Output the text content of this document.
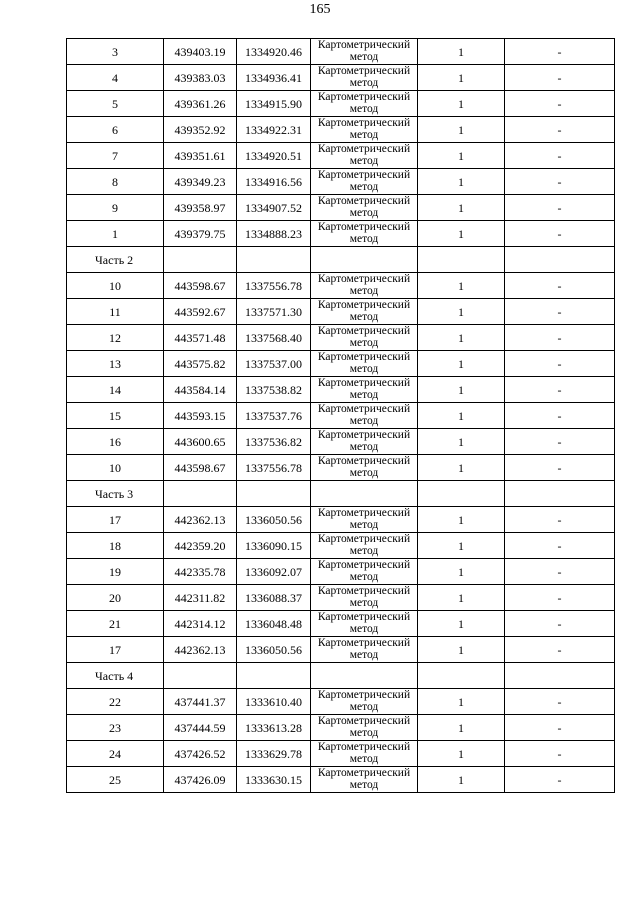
165
3	439403.19	1334920.46	Картометрический
метод	1	-
4	439383.03	1334936.41	Картометрический
метод	1	-
5	439361.26	1334915.90	Картометрический
метод	1	-
6	439352.92	1334922.31	Картометрический
метод	1	-
7	439351.61	1334920.51	Картометрический
метод	1	-
8	439349.23	1334916.56	Картометрический
метод	1	-
9	439358.97	1334907.52	Картометрический
метод	1	-
1	439379.75	1334888.23	Картометрический
метод	1	-
Часть 2					
10	443598.67	1337556.78	Картометрический
метод	1	-
11	443592.67	1337571.30	Картометрический
метод	1	-
12	443571.48	1337568.40	Картометрический
метод	1	-
13	443575.82	1337537.00	Картометрический
метод	1	-
14	443584.14	1337538.82	Картометрический
метод	1	-
15	443593.15	1337537.76	Картометрический
метод	1	-
16	443600.65	1337536.82	Картометрический
метод	1	-
10	443598.67	1337556.78	Картометрический
метод	1	-
Часть 3					
17	442362.13	1336050.56	Картометрический
метод	1	-
18	442359.20	1336090.15	Картометрический
метод	1	-
19	442335.78	1336092.07	Картометрический
метод	1	-
20	442311.82	1336088.37	Картометрический
метод	1	-
21	442314.12	1336048.48	Картометрический
метод	1	-
17	442362.13	1336050.56	Картометрический
метод	1	-
Часть 4					
22	437441.37	1333610.40	Картометрический
метод	1	-
23	437444.59	1333613.28	Картометрический
метод	1	-
24	437426.52	1333629.78	Картометрический
метод	1	-
25	437426.09	1333630.15	Картометрический
метод	1	-
